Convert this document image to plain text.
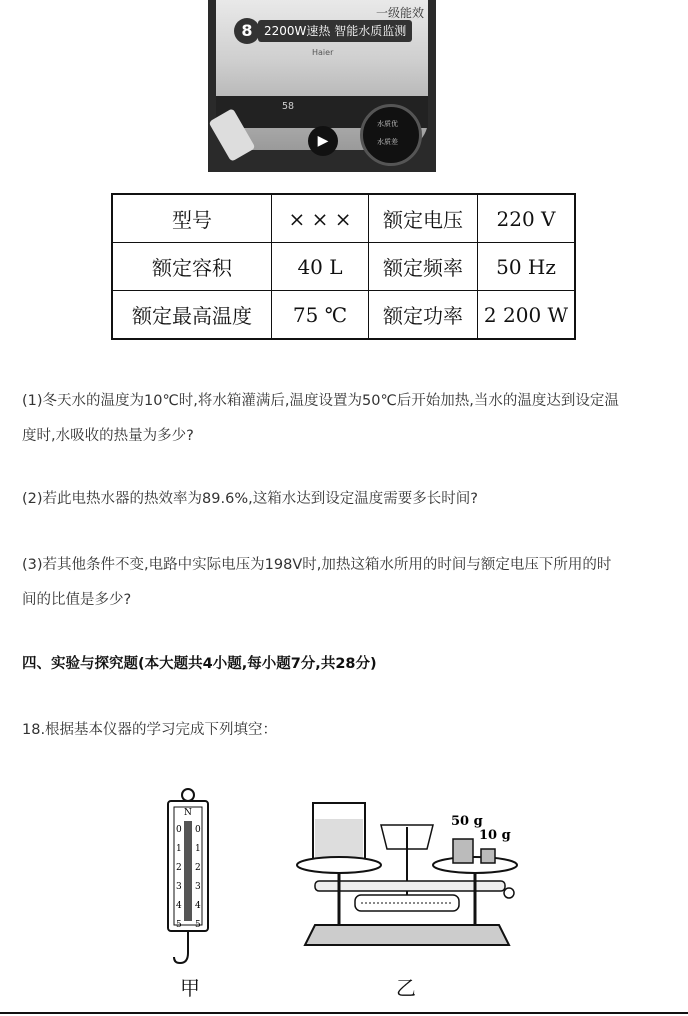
一级能效
8 2200W速热 智能水质监测
Haier
58
▶
水质优
水质差
型号	× × ×	额定电压	220 V
额定容积	40 L	额定频率	50 Hz
额定最高温度	75 ℃	额定功率	2 200 W
(1)冬天水的温度为10℃时,将水箱灌满后,温度设置为50℃后开始加热,当水的温度达到设定温
度时,水吸收的热量为多少?
(2)若此电热水器的热效率为89.6%,这箱水达到设定温度需要多长时间?
(3)若其他条件不变,电路中实际电压为198V时,加热这箱水所用的时间与额定电压下所用的时
间的比值是多少?
四、实验与探究题(本大题共4小题,每小题7分,共28分)
18.根据基本仪器的学习完成下列填空：
N
0 0
1 1
2 2
3 3
4 4
5 5
甲
50 g
10 g
乙
